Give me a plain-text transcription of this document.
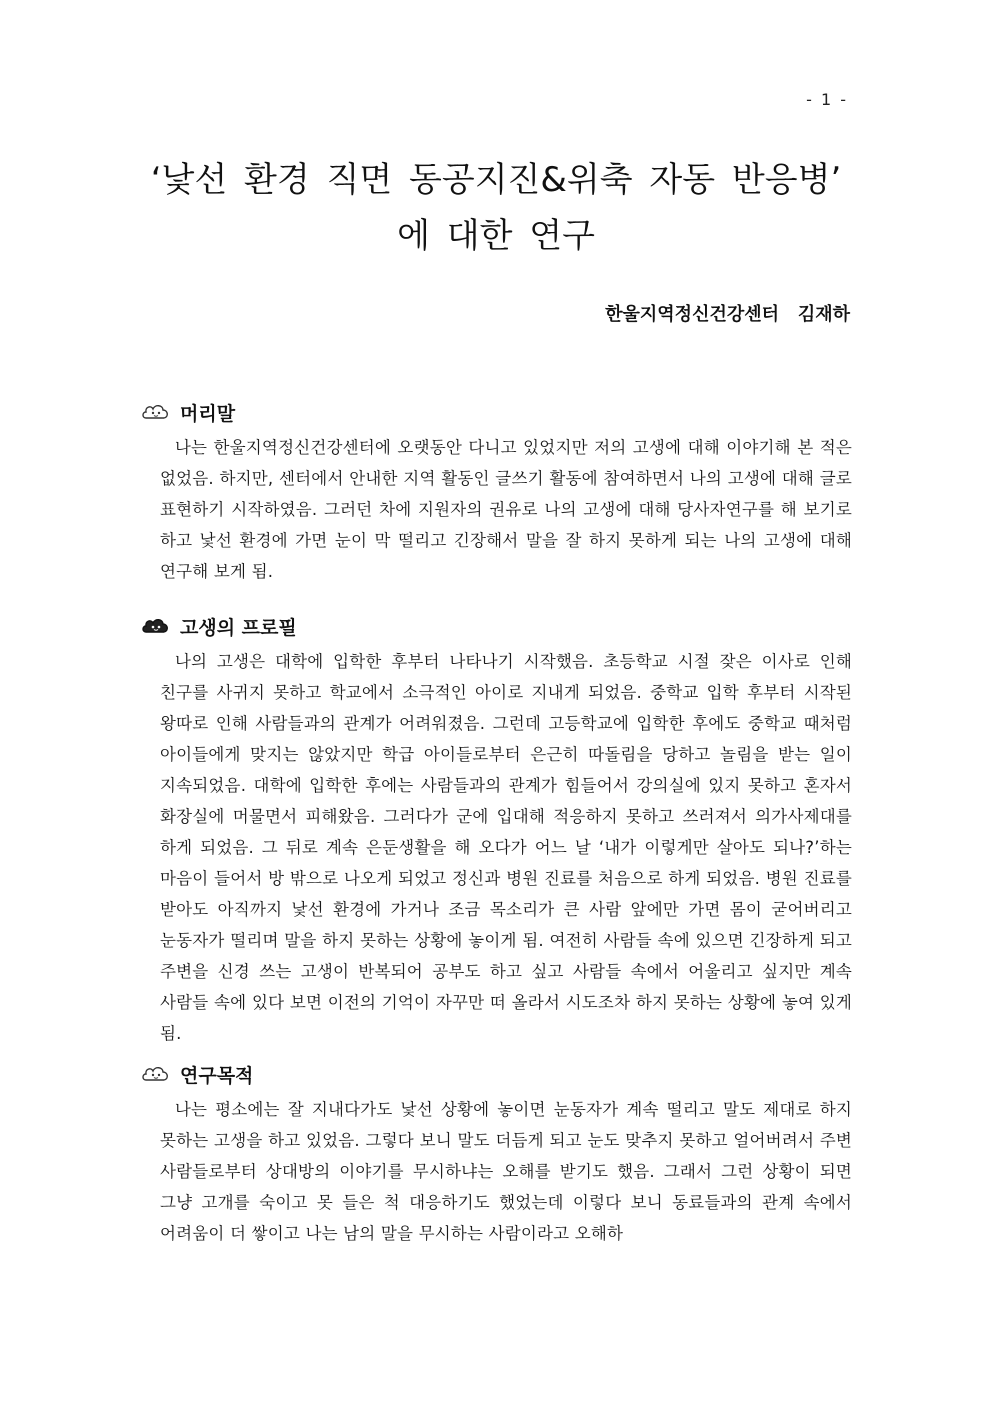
- 1 -
‘낯선 환경 직면 동공지진&위축 자동 반응병’
에 대한 연구
한울지역정신건강센터 김재하
머리말
나는 한울지역정신건강센터에 오랫동안 다니고 있었지만 저의 고생에 대해 이야기해 본 적은 없었음. 하지만, 센터에서 안내한 지역 활동인 글쓰기 활동에 참여하면서 나의 고생에 대해 글로 표현하기 시작하였음. 그러던 차에 지원자의 권유로 나의 고생에 대해 당사자연구를 해 보기로 하고 낯선 환경에 가면 눈이 막 떨리고 긴장해서 말을 잘 하지 못하게 되는 나의 고생에 대해 연구해 보게 됨.
고생의 프로필
나의 고생은 대학에 입학한 후부터 나타나기 시작했음. 초등학교 시절 잦은 이사로 인해 친구를 사귀지 못하고 학교에서 소극적인 아이로 지내게 되었음. 중학교 입학 후부터 시작된 왕따로 인해 사람들과의 관계가 어려워졌음. 그런데 고등학교에 입학한 후에도 중학교 때처럼 아이들에게 맞지는 않았지만 학급 아이들로부터 은근히 따돌림을 당하고 놀림을 받는 일이 지속되었음. 대학에 입학한 후에는 사람들과의 관계가 힘들어서 강의실에 있지 못하고 혼자서 화장실에 머물면서 피해왔음. 그러다가 군에 입대해 적응하지 못하고 쓰러져서 의가사제대를 하게 되었음. 그 뒤로 계속 은둔생활을 해 오다가 어느 날 ‘내가 이렇게만 살아도 되나?’하는 마음이 들어서 방 밖으로 나오게 되었고 정신과 병원 진료를 처음으로 하게 되었음. 병원 진료를 받아도 아직까지 낯선 환경에 가거나 조금 목소리가 큰 사람 앞에만 가면 몸이 굳어버리고 눈동자가 떨리며 말을 하지 못하는 상황에 놓이게 됨. 여전히 사람들 속에 있으면 긴장하게 되고 주변을 신경 쓰는 고생이 반복되어 공부도 하고 싶고 사람들 속에서 어울리고 싶지만 계속 사람들 속에 있다 보면 이전의 기억이 자꾸만 떠 올라서 시도조차 하지 못하는 상황에 놓여 있게 됨.
연구목적
나는 평소에는 잘 지내다가도 낯선 상황에 놓이면 눈동자가 계속 떨리고 말도 제대로 하지 못하는 고생을 하고 있었음. 그렇다 보니 말도 더듬게 되고 눈도 맞추지 못하고 얼어버려서 주변 사람들로부터 상대방의 이야기를 무시하냐는 오해를 받기도 했음. 그래서 그런 상황이 되면 그냥 고개를 숙이고 못 들은 척 대응하기도 했었는데 이렇다 보니 동료들과의 관계 속에서 어려움이 더 쌓이고 나는 남의 말을 무시하는 사람이라고 오해하
